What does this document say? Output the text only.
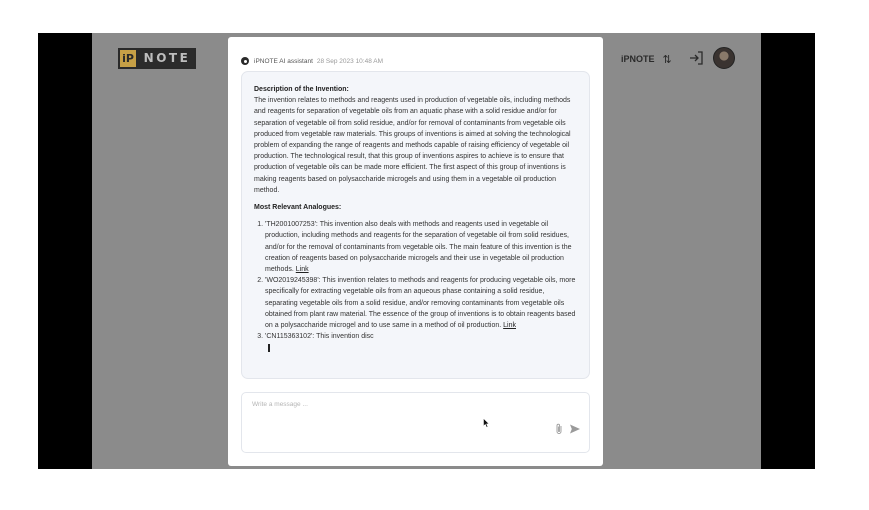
iP NOTE	iPNOTE ⇅
iPNOTE AI assistant 28 Sep 2023 10:48 AM
Description of the Invention:
The invention relates to methods and reagents used in production of vegetable oils, including methods and reagents for separation of vegetable oils from an aquatic phase with a solid residue and/or for separation of vegetable oil from solid residue, and/or for removal of contaminants from vegetable oils produced from vegetable raw materials. This groups of inventions is aimed at solving the technological problem of expanding the range of reagents and methods capable of raising efficiency of vegetable oil production. The technological result, that this group of inventions aspires to achieve is to ensure that production of vegetable oils can be made more efficient. The first aspect of this group of inventions is making reagents based on polysaccharide microgels and using them in a vegetable oil production method.
Most Relevant Analogues:
1. 'TH2001007253': This invention also deals with methods and reagents used in vegetable oil production, including methods and reagents for the separation of vegetable oil from solid residues, and/or for the removal of contaminants from vegetable oils. The main feature of this invention is the creation of reagents based on polysaccharide microgels and their use in vegetable oil production methods. Link
2. 'WO2019245398': This invention relates to methods and reagents for producing vegetable oils, more specifically for extracting vegetable oils from an aqueous phase containing a solid residue, separating vegetable oils from a solid residue, and/or removing contaminants from vegetable oils obtained from plant raw material. The essence of the group of inventions is to obtain reagents based on a polysaccharide microgel and to use same in a method of oil production. Link
3. 'CN115363102': This invention disc

Write a message ...
